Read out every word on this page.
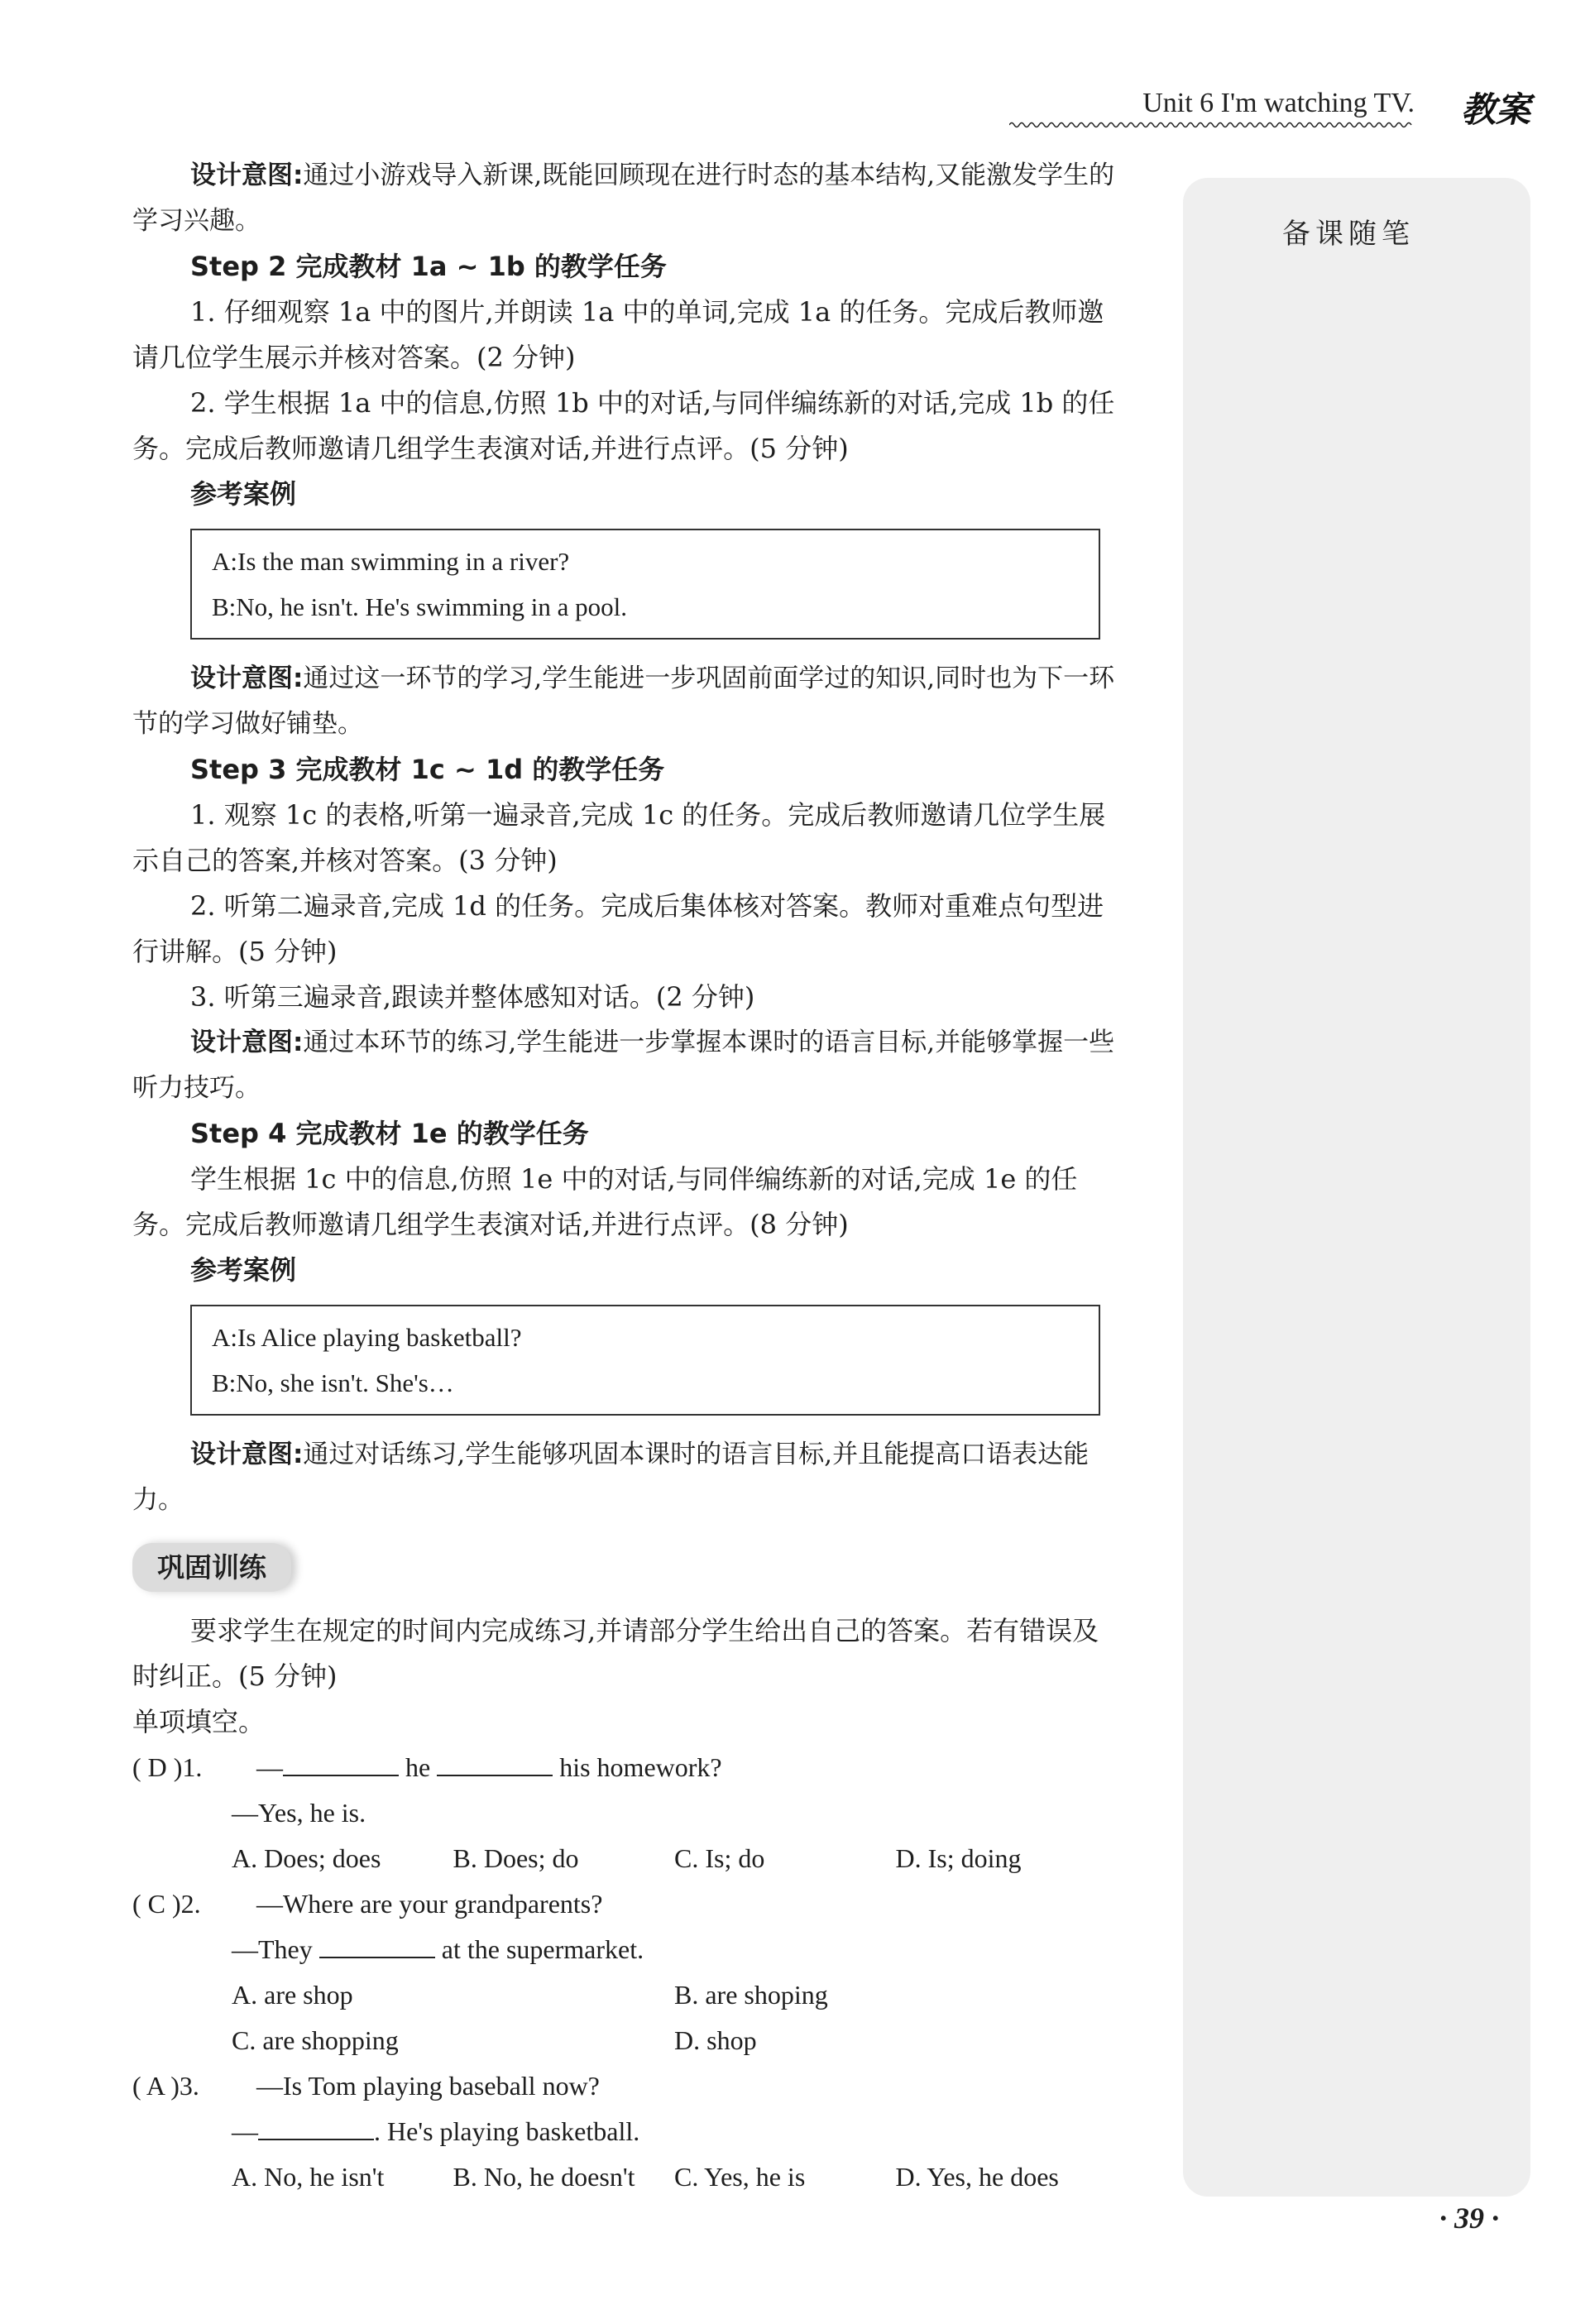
Unit 6 I'm watching TV. 教案
备课随笔

设计意图:通过小游戏导入新课,既能回顾现在进行时态的基本结构,又能激发学生的学习兴趣。

Step 2 完成教材 1a ~ 1b 的教学任务

1. 仔细观察 1a 中的图片,并朗读 1a 中的单词,完成 1a 的任务。完成后教师邀请几位学生展示并核对答案。(2 分钟)

2. 学生根据 1a 中的信息,仿照 1b 中的对话,与同伴编练新的对话,完成 1b 的任务。完成后教师邀请几组学生表演对话,并进行点评。(5 分钟)

参考案例

A:Is the man swimming in a river?

B:No, he isn't. He's swimming in a pool.

设计意图:通过这一环节的学习,学生能进一步巩固前面学过的知识,同时也为下一环节的学习做好铺垫。

Step 3 完成教材 1c ~ 1d 的教学任务

1. 观察 1c 的表格,听第一遍录音,完成 1c 的任务。完成后教师邀请几位学生展示自己的答案,并核对答案。(3 分钟)

2. 听第二遍录音,完成 1d 的任务。完成后集体核对答案。教师对重难点句型进行讲解。(5 分钟)

3. 听第三遍录音,跟读并整体感知对话。(2 分钟)

设计意图:通过本环节的练习,学生能进一步掌握本课时的语言目标,并能够掌握一些听力技巧。

Step 4 完成教材 1e 的教学任务

学生根据 1c 中的信息,仿照 1e 中的对话,与同伴编练新的对话,完成 1e 的任务。完成后教师邀请几组学生表演对话,并进行点评。(8 分钟)

参考案例

A:Is Alice playing basketball?

B:No, she isn't. She's…

设计意图:通过对话练习,学生能够巩固本课时的语言目标,并且能提高口语表达能力。

巩固训练

要求学生在规定的时间内完成练习,并请部分学生给出自己的答案。若有错误及时纠正。(5 分钟)

单项填空。

( D )1. —	he	his homework?

—Yes, he is.

A. Does; does	B. Does; do	C. Is; do	D. Is; doing

( C )2. —Where are your grandparents?

—They	at the supermarket.

A. are shop	B. are shoping
C. are shopping	D. shop

( A )3. —Is Tom playing baseball now?

—	. He's playing basketball.

A. No, he isn't	B. No, he doesn't	C. Yes, he is	D. Yes, he does
· 39 ·
